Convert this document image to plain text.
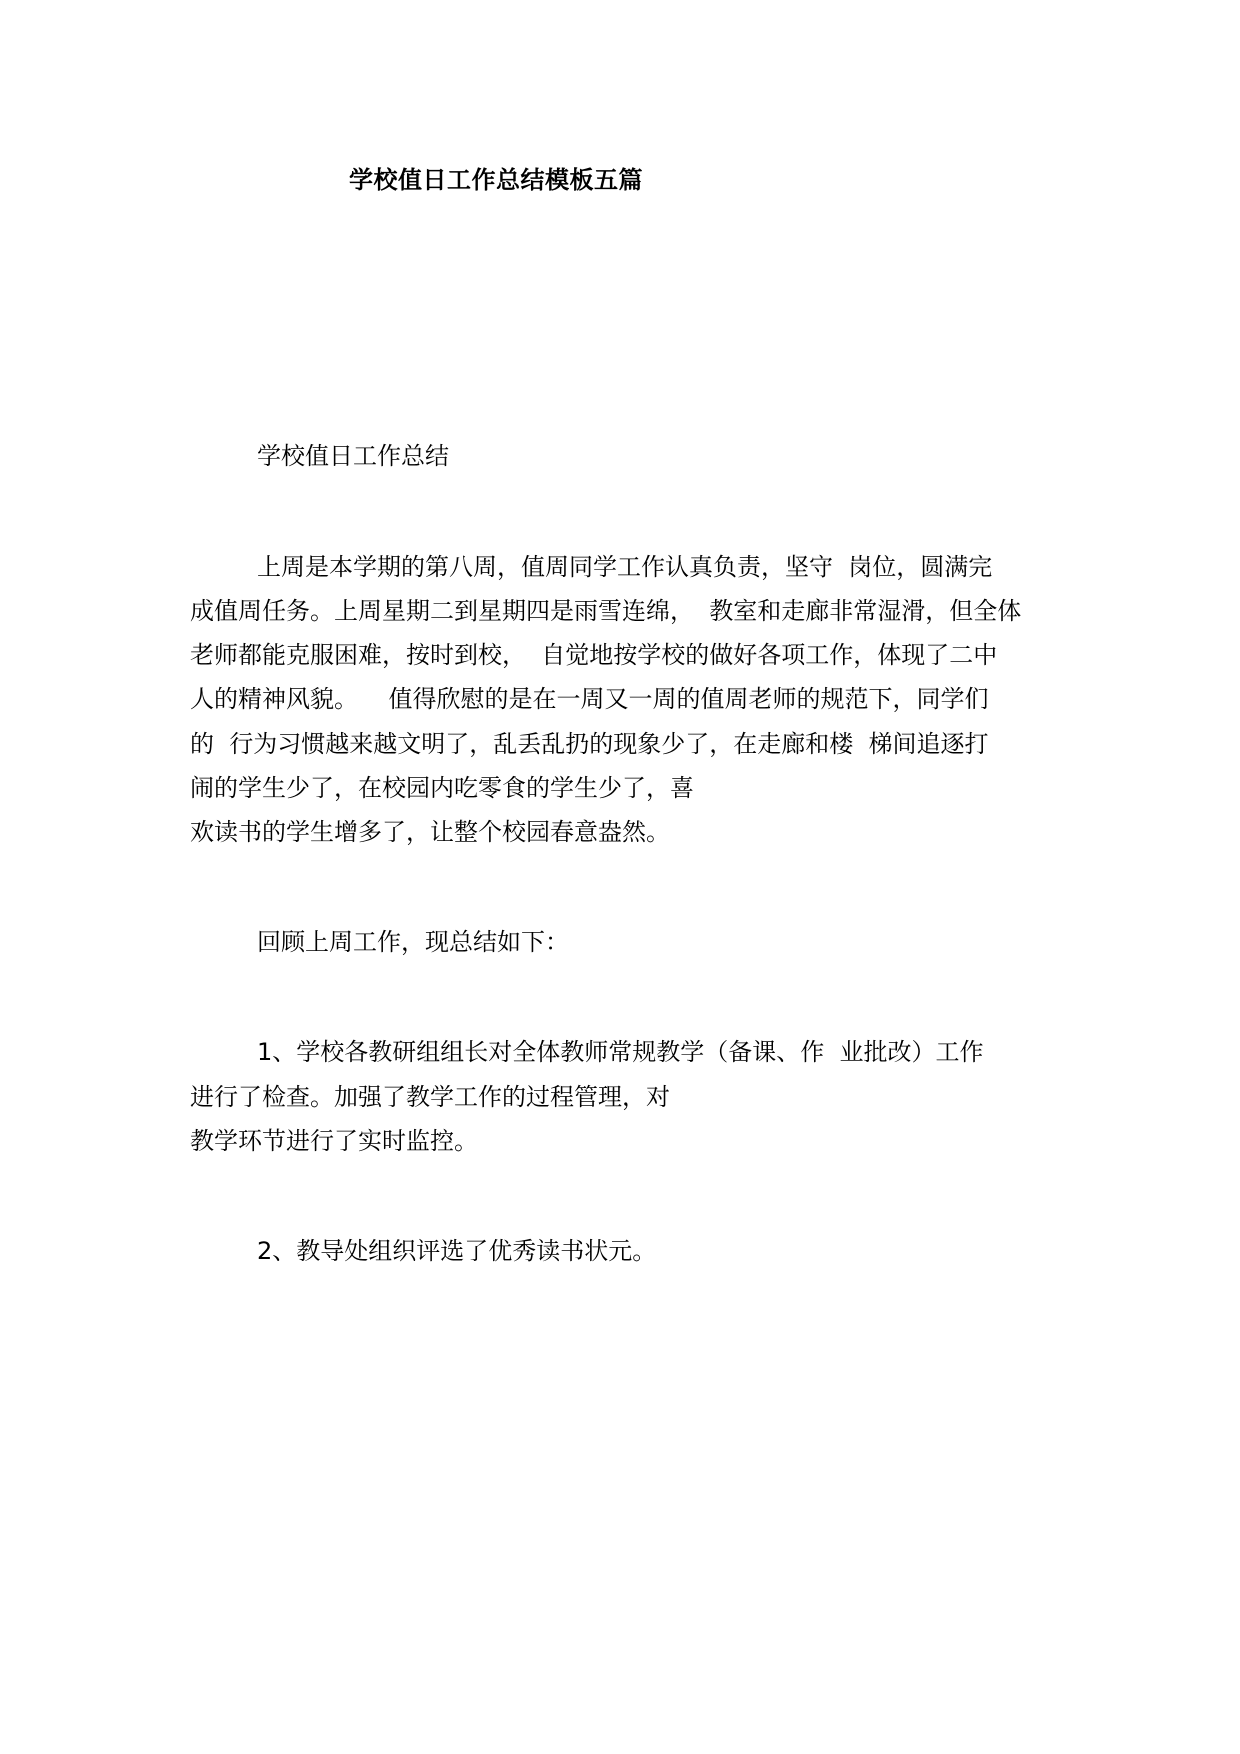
学校值日工作总结模板五篇
学校值日工作总结
上周是本学期的第八周，值周同学工作认真负责，坚守  岗位，圆满完
成值周任务。上周星期二到星期四是雨雪连绵，  教室和走廊非常湿滑，但全体
老师都能克服困难，按时到校，  自觉地按学校的做好各项工作，体现了二中
人的精神风貌。    值得欣慰的是在一周又一周的值周老师的规范下，同学们
的  行为习惯越来越文明了，乱丢乱扔的现象少了，在走廊和楼  梯间追逐打
闹的学生少了，在校园内吃零食的学生少了，喜
欢读书的学生增多了，让整个校园春意盎然。
回顾上周工作，现总结如下：
1、学校各教研组组长对全体教师常规教学（备课、作  业批改）工作
进行了检查。加强了教学工作的过程管理，对
教学环节进行了实时监控。
2、教导处组织评选了优秀读书状元。
